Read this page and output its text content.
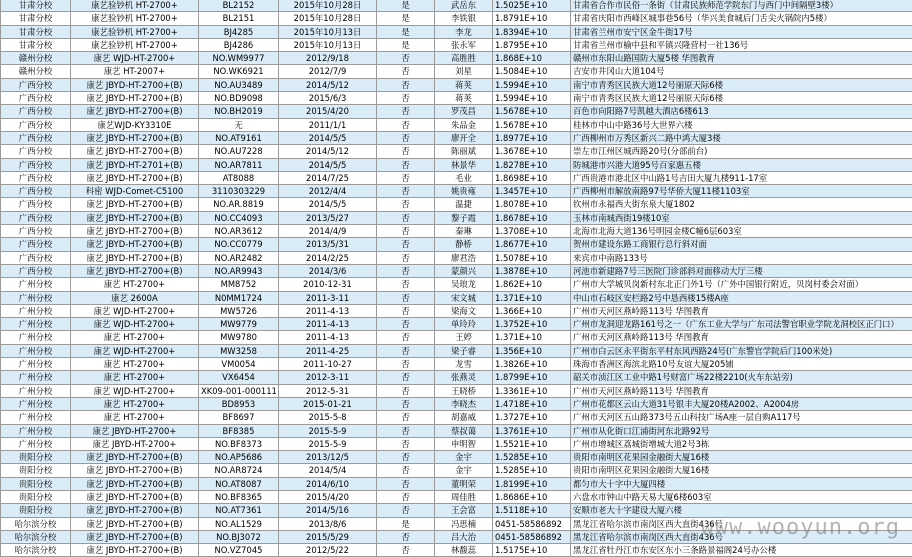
甘肃分校	康艺验钞机 HT-2700+	BL2152	2015年10月28日	是	武岳东	1.5025E+10	甘肃省合作市民俗一条街（甘肃民族师范学院东门与西门中间隔壁3楼）
甘肃分校	康艺验钞机 HT-2700+	BL2151	2015年10月28日	是	李铁银	1.8791E+10	甘肃省庆阳市西峰区城事巷56号（华兴美食城后门舌尖火锅院内5楼）
甘肃分校	康艺验钞机 HT-2700+	BJ4285	2015年10月13日	是	李龙	1.8394E+10	甘肃省兰州市安宁区金牛街17号
甘肃分校	康艺验钞机 HT-2700+	BJ4286	2015年10月13日	是	张永军	1.8795E+10	甘肃省兰州市榆中县和平镇兴隆营村一社136号
赣州分校	康艺 WJD-HT-2700+	NO.WM9977	2012/9/18	否	高胜胜	1.868E+10	赣州市东阳山路国防大厦5楼 华图教育
赣州分校	康艺 HT-2007+	NO.WK6921	2012/7/9	否	刘星	1.5084E+10	吉安市井冈山大道104号
广西分校	康艺 JBYD-HT-2700+(B)	NO.AU3489	2014/5/12	否	蒋荚	1.5994E+10	南宁市青秀区民族大道12号丽原天际6楼
广西分校	康艺 JBYD-HT-2700+(B)	NO.BD9098	2015/6/3	否	蒋荚	1.5994E+10	南宁市青秀区民族大道12号丽原天际6楼
广西分校	康艺 JBYD-HT-2700+(B)	NO.BH2019	2015/4/20	否	罗茂昌	1.5678E+10	百色市向阳路7号凯越大酒店6楼613
广西分校	康艺WJD-KY3310E	无	2011/1/1	否	朱品金	1.5678E+10	桂林市中山中路36号大世界六楼
广西分校	康艺 JBYD-HT-2700+(B)	NO.AT9161	2014/5/5	否	廖开全	1.8977E+10	广西柳州市万秀区新兴二路中鸿大厦3楼
广西分校	康艺 JBYD-HT-2700+(B)	NO.AU7228	2014/5/12	否	陈丽斌	1.3678E+10	崇左市江州区城西路20号(分部前台)
广西分校	康艺 JBYD-HT-2701+(B)	NO.AR7811	2014/5/5	否	林景华	1.8278E+10	防城港市兴港大道95号百家惠五楼
广西分校	康艺 JBYD-HT-2700+(B)	AT8088	2014/7/25	否	毛业	1.8698E+10	广西贵港市港北区中山路1号吉田大厦九楼911-17室
广西分校	科密 WJD-Comet-C5100	3110303229	2012/4/4	否	姚贵雍	1.3457E+10	广西柳州市解放南路97号华侨大厦11楼1103室
广西分校	康艺 JBYD-HT-2700+(B)	NO.AR.8819	2014/5/5	否	温捷	1.8078E+10	钦州市永福西大街东泉大厦1802
广西分校	康艺 JBYD-HT-2700+(B)	NO.CC4093	2013/5/27	否	黎子霞	1.8678E+10	玉林市南城西街19楼10室
广西分校	康艺 JBYD-HT-2700+(B)	NO.AR3612	2014/4/9	否	秦琳	1.3708E+10	北海市北海大道136号明园金楼C幢6层603室
广西分校	康艺 JBYD-HT-2700+(B)	NO.CC0779	2013/5/31	否	静桥	1.8677E+10	贺州市建设东路工商银行总行斜对面
广西分校	康艺 JBYD-HT-2700+(B)	NO.AR2482	2014/2/25	否	廖君浩	1.5078E+10	来宾市中南路133号
广西分校	康艺 JBYD-HT-2700+(B)	NO.AR9943	2014/3/6	否	蒙颜兴	1.3878E+10	河池市新建路7号三医院门诊部斜对面移动大厅三楼
广州分校	康艺 HT-2700+	MM8752	2010-12-31	否	吴琅龙	1.862E+10	广州市大学城贝岗新村东北正门外1号（广外中国银行附近，贝岗村委会对面）
广州分校	康艺 2600A	N0MM1724	2011-3-11	否	宋文城	1.371E+10	中山市石岐区安栏路2号中恳西楼15楼A座
广州分校	康艺 WJD-HT-2700+	MW5726	2011-4-13	否	梁海文	1.366E+10	广州市天河区燕岭路113号 华图教育
广州分校	康艺 WJD-HT-2700+	MW9779	2011-4-13	否	单玲玲	1.3752E+10	广州市龙洞迎龙路161号之一（广东工业大学与广东司法警官职业学院龙洞校区正门口）
广州分校	康艺 HT-2700+	MW9780	2011-4-13	否	王婷	1.371E+10	广州市天河区燕岭路113号 华图教育
广州分校	康艺 WJD-HT-2700+	MW3258	2011-4-25	否	梁子睿	1.356E+10	广州市白云区永平街东平村东风西路24号(广东警官学院后门100米处)
广州分校	康艺 HT-2700+	VM0054	2011-10-27	否	龙雪	1.3826E+10	珠海市香洲区海滨北路10号友谊大厦205铺
广州分校	康艺 HT-2700+	VX6454	2012-3-11	否	张燕灵	1.8799E+10	韶关市浈江区工业中路1号财富广场22楼2210(火车东站旁)
广州分校	康艺 WJD-HT-2700+	XK09-001-000111	2012-5-31	否	王晓桥	1.3361E+10	广州市天河区燕岭路113号 华图教育
广州分校	康艺 HT-2700+	BD8953	2015-01-21	否	李晓杰	1.4718E+10	广州市花都区云山大道31号银丰大厦20楼A2002、A2004房
广州分校	康艺 HT-2700+	BF8697	2015-5-8	否	胡嘉威	1.3727E+10	广州市天河区五山路373号五山科技广场A座一层自购A117号
广州分校	康艺 JBYD-HT-2700+	BF8385	2015-5-9	否	蔡叔蔼	1.3761E+10	广州市从化街口江浦街河东北路92号
广州分校	康艺 JBYD-HT-2700+	NO.BF8373	2015-5-9	否	申明智	1.5521E+10	广州市增城区荔城街增城大道2号3栋
贵阳分校	康艺 JBYD-HT-2700+(B)	NO.AP5686	2013/12/5	否	金宇	1.5285E+10	贵阳市南明区花果园金融街大厦16楼
贵阳分校	康艺 JBYD-HT-2700+(B)	NO.AR8724	2014/5/4	否	金宇	1.5285E+10	贵阳市南明区花果园金融街大厦16楼
贵阳分校	康艺 JBYD-HT-2700+(B)	NO.AT8087	2014/6/10	否	董明荣	1.8199E+10	都匀市大十字中大厦四楼
贵阳分校	康艺 JBYD-HT-2700+(B)	NO.BF8365	2015/4/20	否	周佳胜	1.8686E+10	六盘水市钟山中路天易大厦6楼603室
贵阳分校	康艺 JBYD-HT-2700+(B)	NO.AT7361	2014/5/16	否	王会富	1.5118E+10	安顺市老大十字建设大厦六楼
哈尔滨分校	康艺 JBYD-HT-2700+(B)	NO.AL1529	2013/8/6	是	冯思楠	0451-58586892	黑龙江省哈尔滨市南岗区西大直街436号
哈尔滨分校	康艺 JBYD-HT-2700+(B)	NO.BJ3072	2015/5/29	否	吕大治	0451-58586892	黑龙江省哈尔滨市南岗区西大直街436号
哈尔滨分校	康艺 JBYD-HT-2700+(B)	NO.VZ7045	2012/5/22	否	林馥蕊	1.5175E+10	黑龙江省牡丹江市东安区东小三条路景福阁24号办公楼
www.wooyun.org
